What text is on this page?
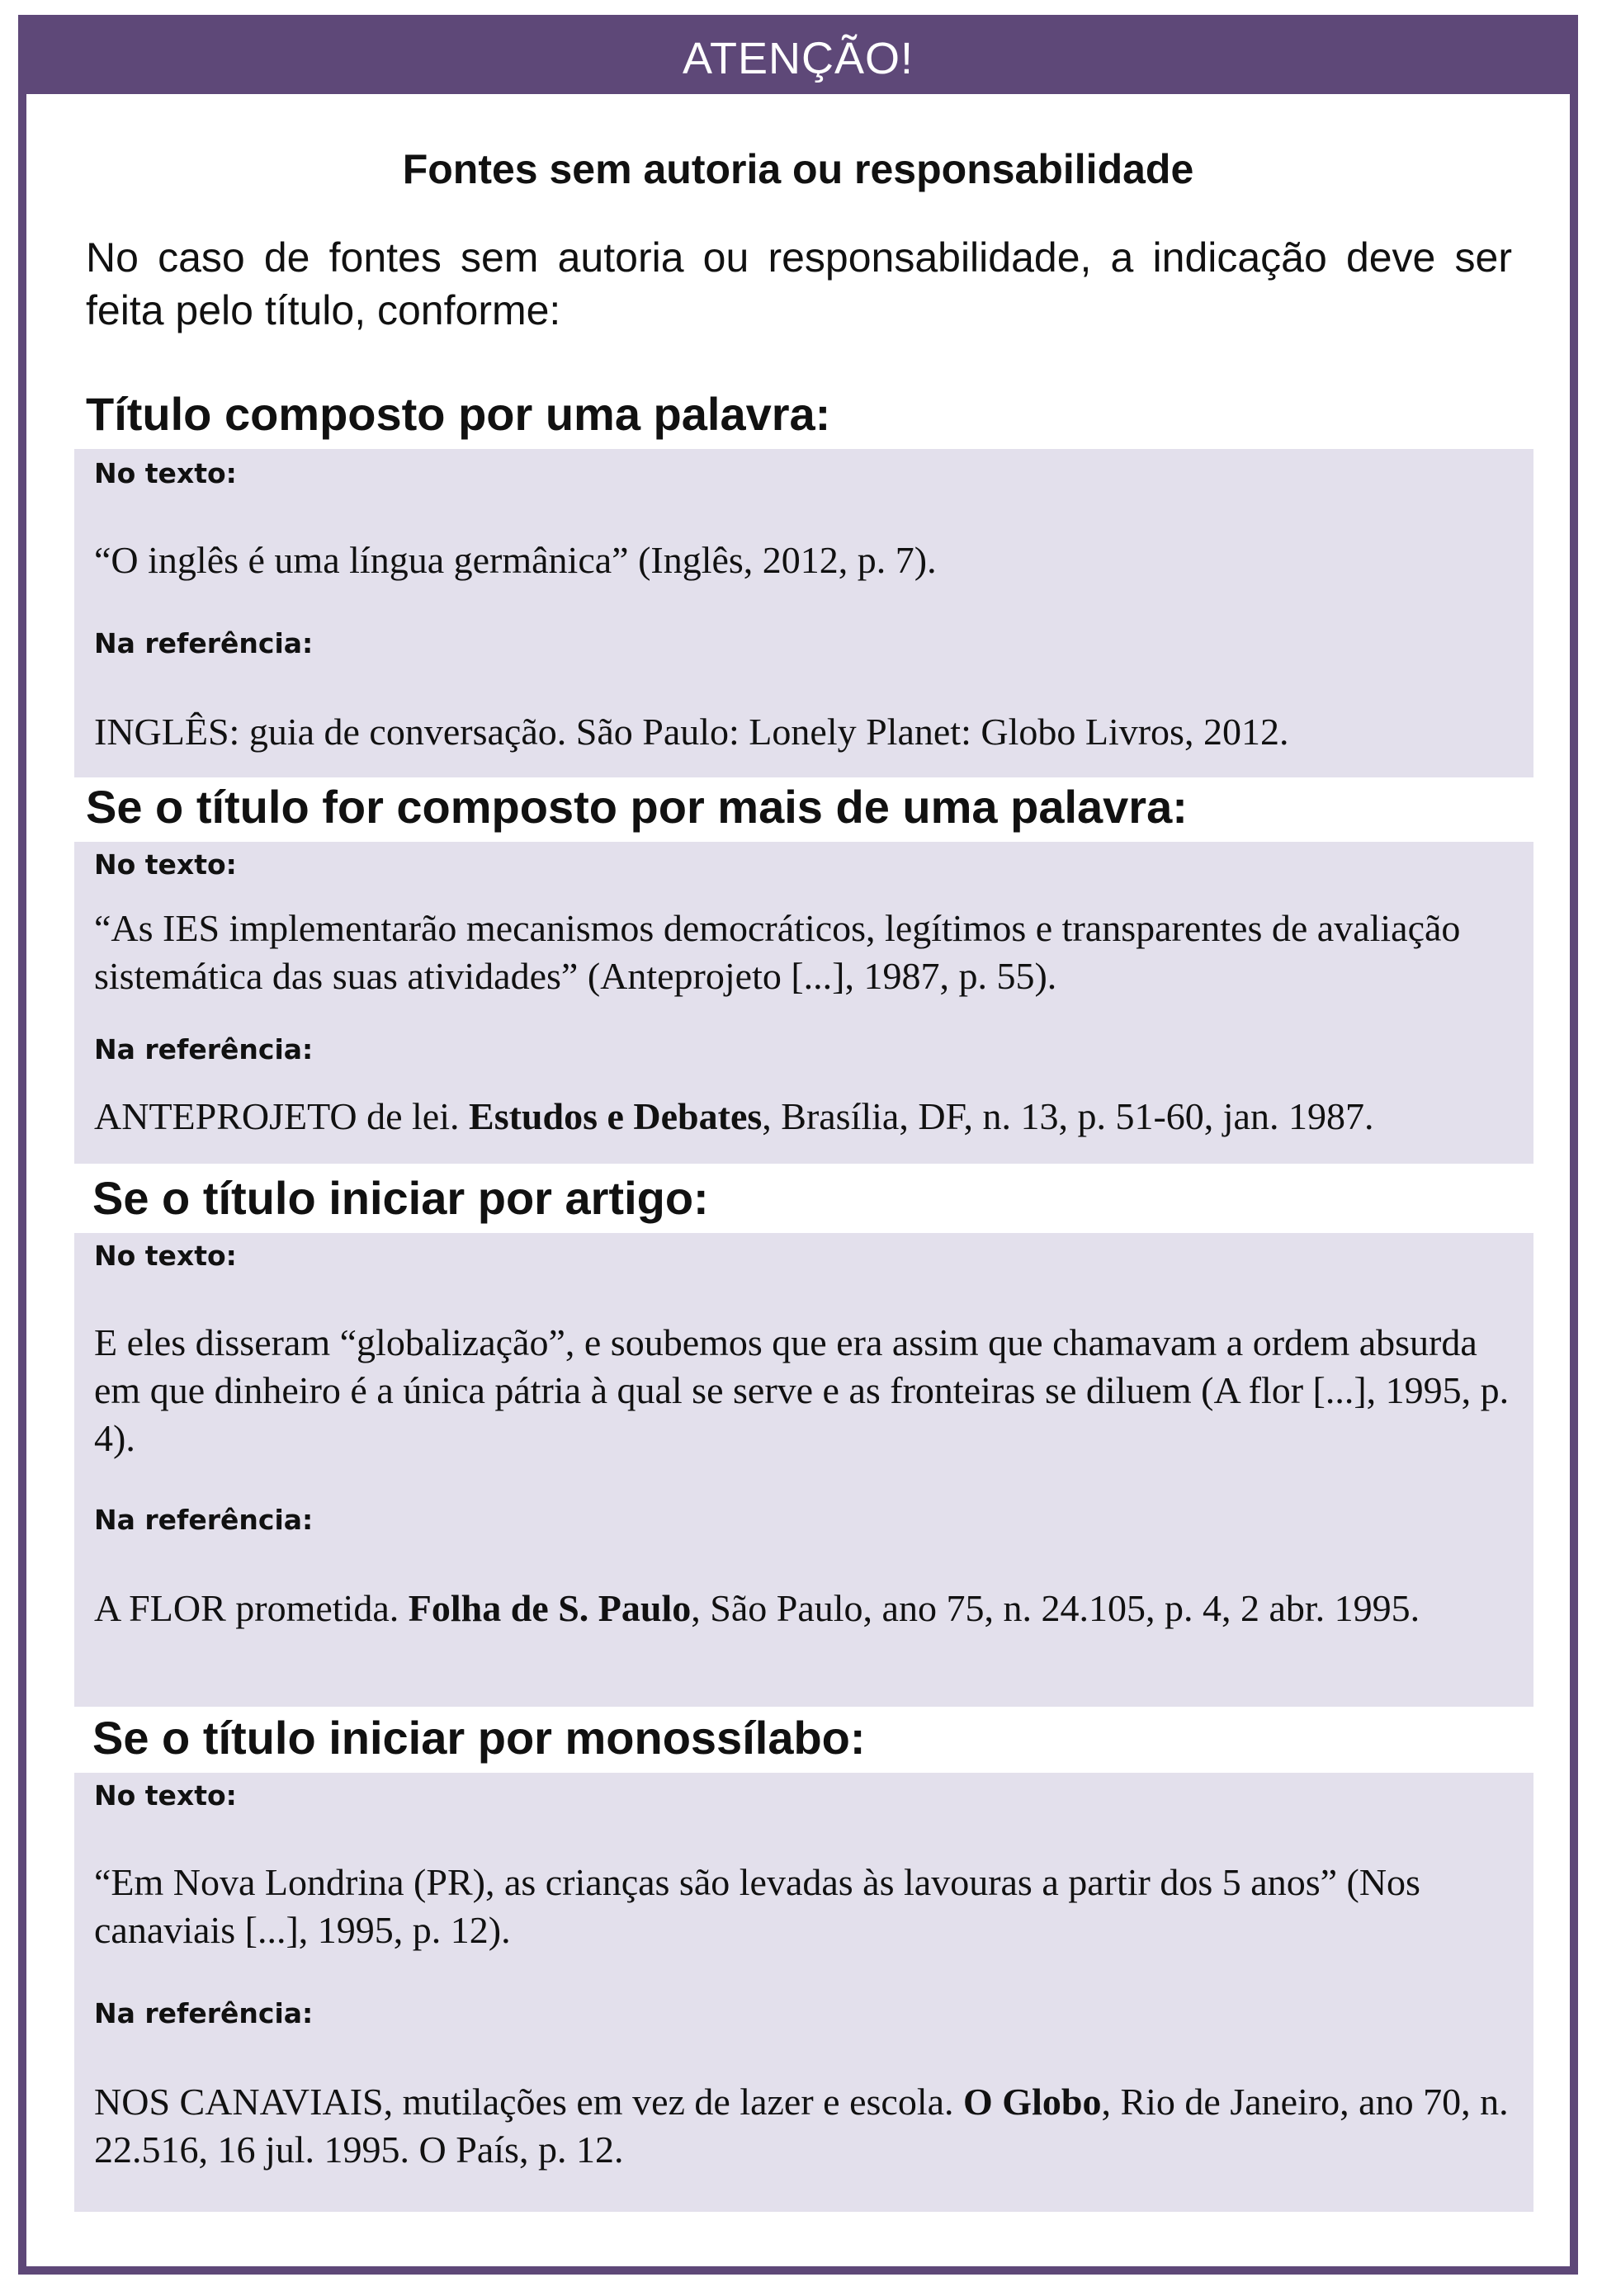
ATENÇÃO!
Fontes sem autoria ou responsabilidade
No caso de fontes sem autoria ou responsabilidade, a indicação deve ser feita pelo título, conforme:
Título composto por uma palavra:
No texto:
“O inglês é uma língua germânica” (Inglês, 2012, p. 7).
Na referência:
INGLÊS: guia de conversação. São Paulo: Lonely Planet: Globo Livros, 2012.
Se o título for composto por mais de uma palavra:
No texto:
“As IES implementarão mecanismos democráticos, legítimos e transparentes de avaliação sistemática das suas atividades” (Anteprojeto [...], 1987, p. 55).
Na referência:
ANTEPROJETO de lei. Estudos e Debates, Brasília, DF, n. 13, p. 51-60, jan. 1987.
Se o título iniciar por artigo:
No texto:
E eles disseram “globalização”, e soubemos que era assim que chamavam a ordem absurda em que dinheiro é a única pátria à qual se serve e as fronteiras se diluem (A flor [...], 1995, p. 4).
Na referência:
A FLOR prometida. Folha de S. Paulo, São Paulo, ano 75, n. 24.105, p. 4, 2 abr. 1995.
Se o título iniciar por monossílabo:
No texto:
“Em Nova Londrina (PR), as crianças são levadas às lavouras a partir dos 5 anos” (Nos canaviais [...], 1995, p. 12).
Na referência:
NOS CANAVIAIS, mutilações em vez de lazer e escola. O Globo, Rio de Janeiro, ano 70, n. 22.516, 16 jul. 1995. O País, p. 12.
